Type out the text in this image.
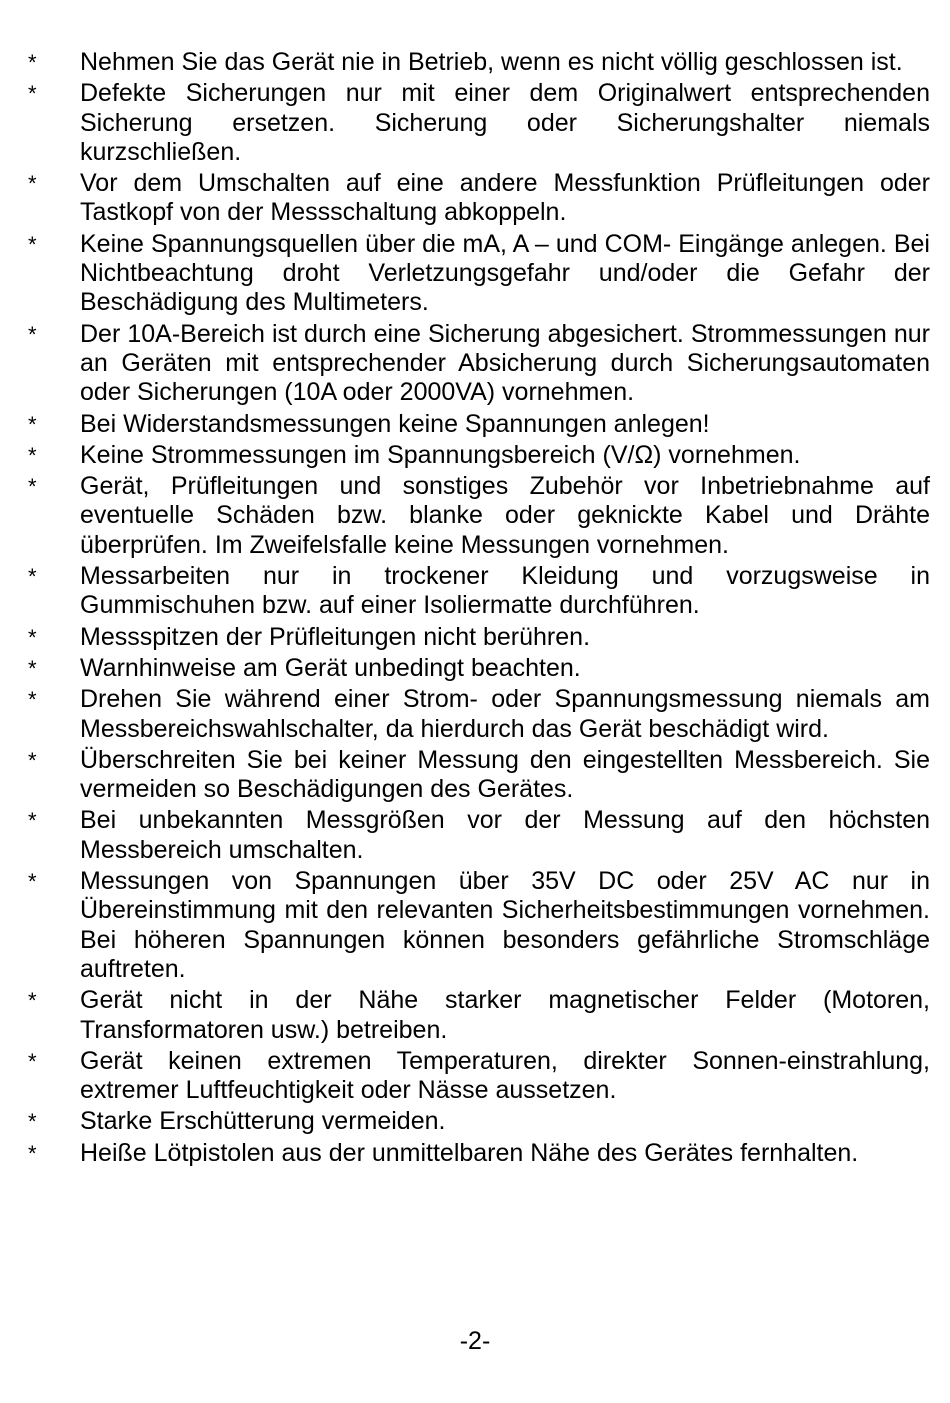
*	Nehmen Sie das Gerät nie in Betrieb, wenn es nicht völlig geschlossen ist.
*	Defekte Sicherungen nur mit einer dem Originalwert entsprechenden Sicherung ersetzen. Sicherung oder Sicherungshalter niemals kurzschließen.
*	Vor dem Umschalten auf eine andere Messfunktion Prüfleitungen oder Tastkopf von der Messschaltung abkoppeln.
*	Keine Spannungsquellen über die mA, A – und COM- Eingänge anlegen. Bei Nichtbeachtung droht Verletzungsgefahr und/oder die Gefahr der Beschädigung des Multimeters.
*	Der 10A-Bereich ist durch eine Sicherung abgesichert. Strommessungen nur an Geräten mit entsprechender Absicherung durch Sicherungsautomaten oder Sicherungen (10A oder 2000VA) vornehmen.
*	Bei Widerstandsmessungen keine Spannungen anlegen!
*	Keine Strommessungen im Spannungsbereich (V/Ω) vornehmen.
*	Gerät, Prüfleitungen und sonstiges Zubehör vor Inbetriebnahme auf eventuelle Schäden bzw. blanke oder geknickte Kabel und Drähte überprüfen. Im Zweifelsfalle keine Messungen vornehmen.
*	Messarbeiten nur in trockener Kleidung und vorzugsweise in Gummischuhen bzw. auf einer Isoliermatte durchführen.
*	Messspitzen der Prüfleitungen nicht berühren.
*	Warnhinweise am Gerät unbedingt beachten.
*	Drehen Sie während einer Strom- oder Spannungsmessung niemals am Messbereichswahlschalter, da hierdurch das Gerät beschädigt wird.
*	Überschreiten Sie bei keiner Messung den eingestellten Messbereich. Sie vermeiden so Beschädigungen des Gerätes.
*	Bei unbekannten Messgrößen vor der Messung auf den höchsten Messbereich umschalten.
*	Messungen von Spannungen über 35V DC oder 25V AC nur in Übereinstimmung mit den relevanten Sicherheitsbestimmungen vornehmen. Bei höheren Spannungen können besonders gefährliche Stromschläge auftreten.
*	Gerät nicht in der Nähe starker magnetischer Felder (Motoren, Transformatoren usw.) betreiben.
*	Gerät keinen extremen Temperaturen, direkter Sonnen-einstrahlung, extremer Luftfeuchtigkeit oder Nässe aussetzen.
*	Starke Erschütterung vermeiden.
*	Heiße Lötpistolen aus der unmittelbaren Nähe des Gerätes fernhalten.
-2-
